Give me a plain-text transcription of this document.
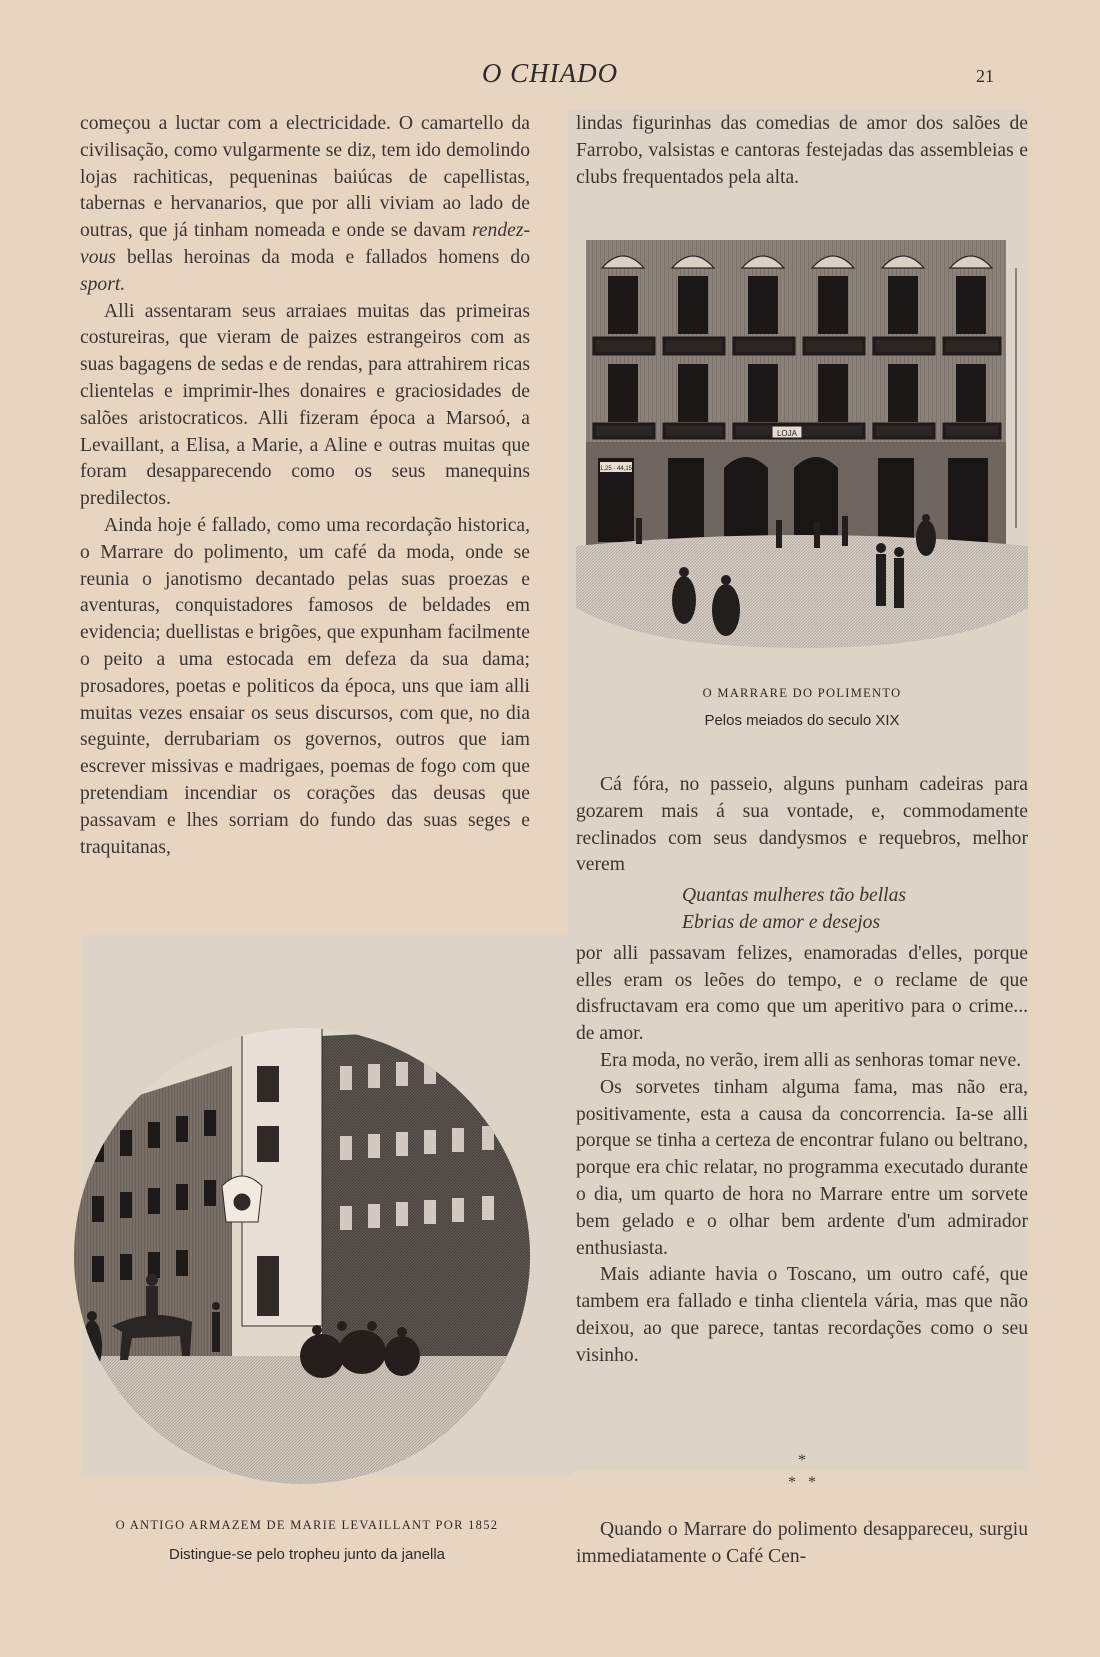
O CHIADO	21

começou a luctar com a electricidade. O camartello da civilisação, como vulgarmente se diz, tem ido demolindo lojas rachiticas, pequeninas baiúcas de capellistas, tabernas e hervanarios, que por alli viviam ao lado de outras, que já tinham nomeada e onde se davam rendez-vous bellas heroinas da moda e fallados homens do sport.

Alli assentaram seus arraiaes muitas das primeiras costureiras, que vieram de paizes estrangeiros com as suas bagagens de sedas e de rendas, para attrahirem ricas clientelas e imprimir-lhes donaires e graciosidades de salões aristocraticos. Alli fizeram época a Marsoó, a Levaillant, a Elisa, a Marie, a Aline e outras muitas que foram desapparecendo como os seus manequins predilectos.

Ainda hoje é fallado, como uma recordação historica, o Marrare do polimento, um café da moda, onde se reunia o janotismo decantado pelas suas proezas e aventuras, conquistadores famosos de beldades em evidencia; duellistas e brigões, que expunham facilmente o peito a uma estocada em defeza da sua dama; prosadores, poetas e politicos da época, uns que iam alli muitas vezes ensaiar os seus discursos, com que, no dia seguinte, derrubariam os governos, outros que iam escrever missivas e madrigaes, poemas de fogo com que pretendiam incendiar os corações das deusas que passavam e lhes sorriam do fundo das suas seges e traquitanas,

lindas figurinhas das comedias de amor dos salões de Farrobo, valsistas e cantoras festejadas das assembleias e clubs frequentados pela alta.

LOJA
1,25 · 44,15
O MARRARE DO POLIMENTO
Pelos meiados do seculo XIX

Cá fóra, no passeio, alguns punham cadeiras para gozarem mais á sua vontade, e, commodamente reclinados com seus dandysmos e requebros, melhor verem

Quantas mulheres tão bellas
Ebrias de amor e desejos

por alli passavam felizes, enamoradas d'elles, porque elles eram os leões do tempo, e o reclame de que disfructavam era como que um aperitivo para o crime... de amor.

Era moda, no verão, irem alli as senhoras tomar neve.

Os sorvetes tinham alguma fama, mas não era, positivamente, esta a causa da concorrencia. Ia-se alli porque se tinha a certeza de encontrar fulano ou beltrano, porque era chic relatar, no programma executado durante o dia, um quarto de hora no Marrare entre um sorvete bem gelado e o olhar bem ardente d'um admirador enthusiasta.

Mais adiante havia o Toscano, um outro café, que tambem era fallado e tinha clientela vária, mas que não deixou, ao que parece, tantas recordações como o seu visinho.

*
*   *

Quando o Marrare do polimento desappareceu, surgiu immediatamente o Café Cen-

O ANTIGO ARMAZEM DE MARIE LEVAILLANT POR 1852
Distingue-se pelo tropheu junto da janella
